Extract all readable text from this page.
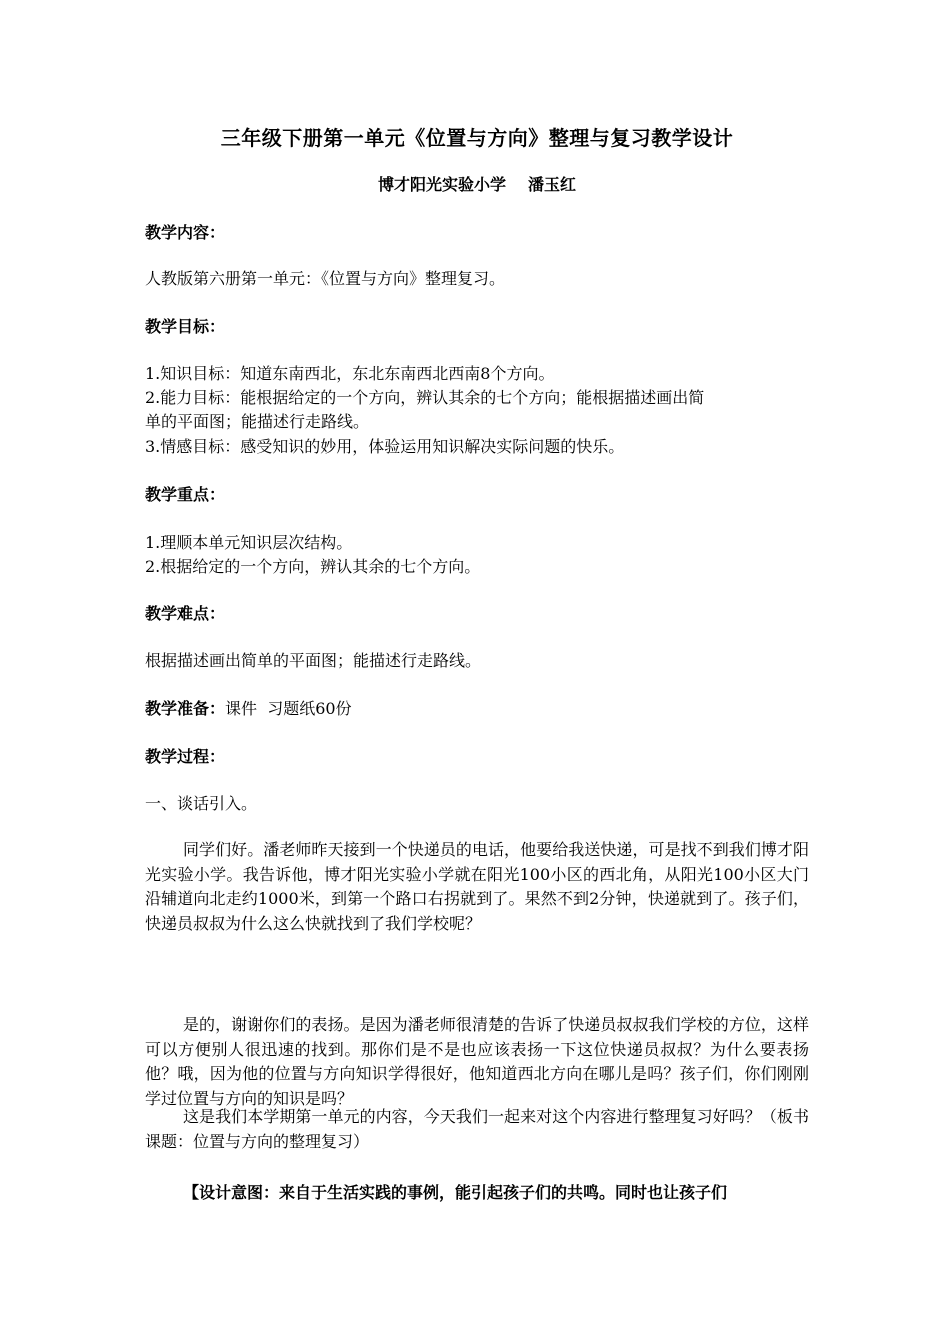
三年级下册第一单元《位置与方向》整理与复习教学设计
博才阳光实验小学 潘玉红
教学内容：
人教版第六册第一单元：《位置与方向》整理复习。
教学目标：
1.知识目标：知道东南西北，东北东南西北西南8个方向。
2.能力目标：能根据给定的一个方向，辨认其余的七个方向；能根据描述画出简
单的平面图；能描述行走路线。
3.情感目标：感受知识的妙用，体验运用知识解决实际问题的快乐。
教学重点：
1.理顺本单元知识层次结构。
2.根据给定的一个方向，辨认其余的七个方向。
教学难点：
根据描述画出简单的平面图；能描述行走路线。
教学准备：课件  习题纸60份
教学过程：
一、谈话引入。
同学们好。潘老师昨天接到一个快递员的电话，他要给我送快递，可是找不到我们博才阳光实验小学。我告诉他，博才阳光实验小学就在阳光100小区的西北角，从阳光100小区大门沿辅道向北走约1000米，到第一个路口右拐就到了。果然不到2分钟，快递就到了。孩子们，快递员叔叔为什么这么快就找到了我们学校呢？
是的，谢谢你们的表扬。是因为潘老师很清楚的告诉了快递员叔叔我们学校的方位，这样可以方便别人很迅速的找到。那你们是不是也应该表扬一下这位快递员叔叔？为什么要表扬他？哦，因为他的位置与方向知识学得很好，他知道西北方向在哪儿是吗？孩子们，你们刚刚学过位置与方向的知识是吗？
这是我们本学期第一单元的内容，今天我们一起来对这个内容进行整理复习好吗？（板书课题：位置与方向的整理复习）
【设计意图：来自于生活实践的事例，能引起孩子们的共鸣。同时也让孩子们
